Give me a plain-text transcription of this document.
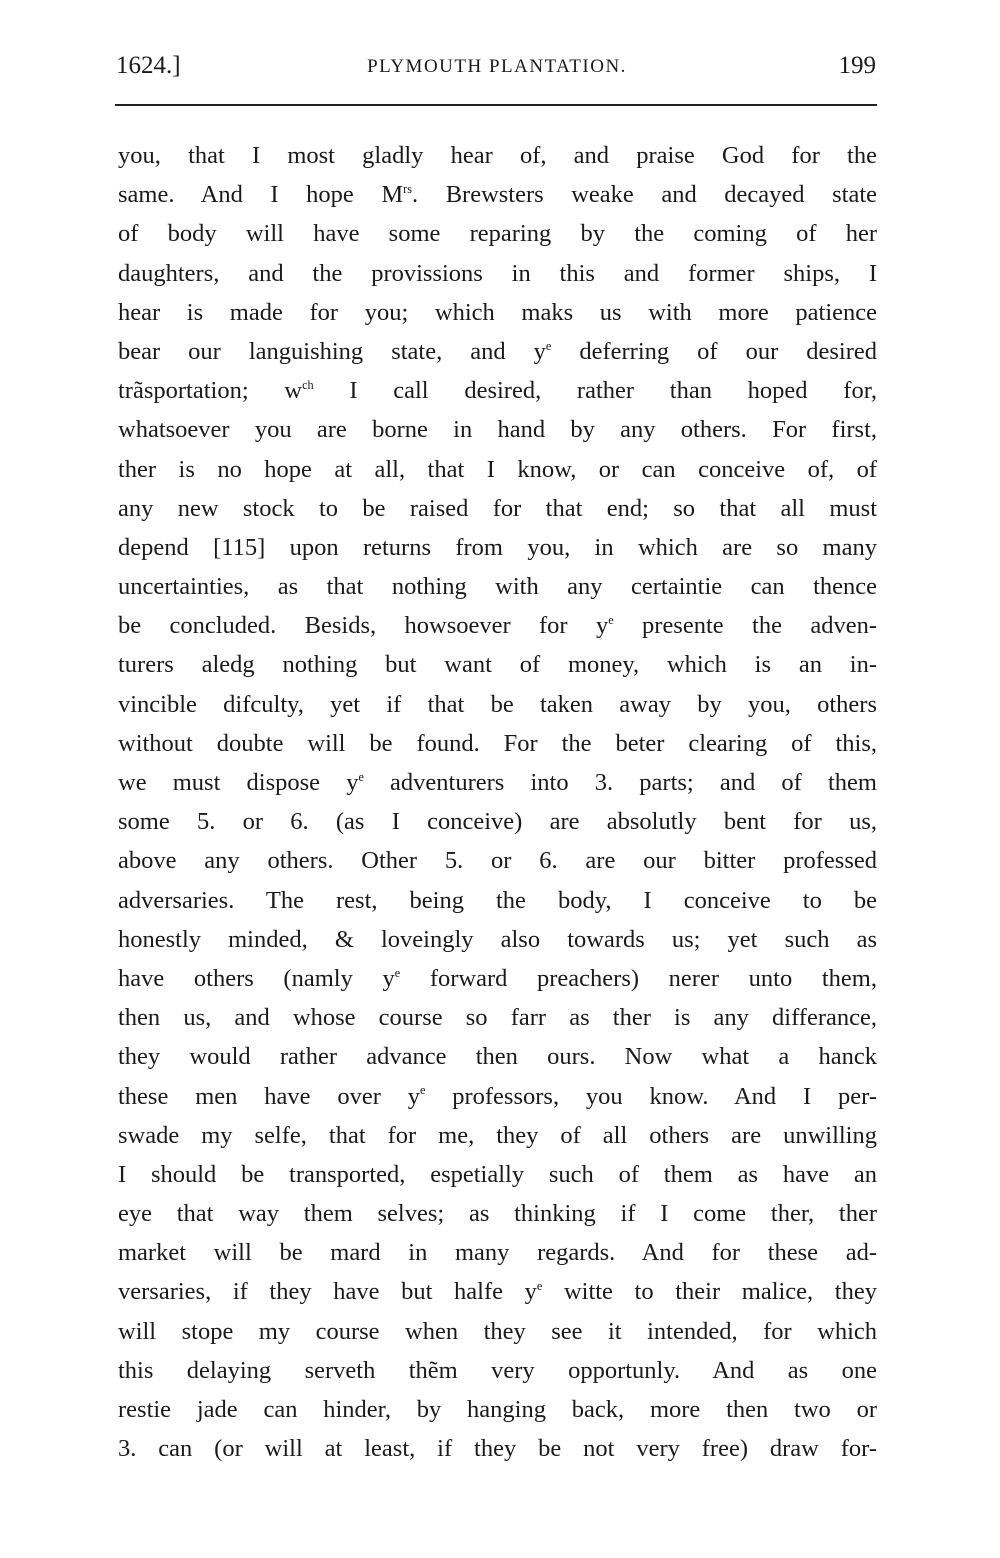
1624.]	PLYMOUTH PLANTATION.	199
you, that I most gladly hear of, and praise God for the
same. And I hope $M^{rs}$. Brewsters weake and decayed state
of body will have some reparing by the coming of her
daughters, and the provissions in this and former ships, I
hear is made for you; which maks us with more patience
bear our languishing state, and $y^e$ deferring of our desired
trãsportation; $w^{ch}$ I call desired, rather than hoped for,
whatsoever you are borne in hand by any others. For first,
ther is no hope at all, that I know, or can conceive of, of
any new stock to be raised for that end; so that all must
depend [115] upon returns from you, in which are so many
uncertainties, as that nothing with any certaintie can thence
be concluded. Besids, howsoever for $y^e$ presente the adven-
turers aledg nothing but want of money, which is an in-
vincible difculty, yet if that be taken away by you, others
without doubte will be found. For the beter clearing of this,
we must dispose $y^e$ adventurers into 3. parts; and of them
some 5. or 6. (as I conceive) are absolutly bent for us,
above any others. Other 5. or 6. are our bitter professed
adversaries. The rest, being the body, I conceive to be
honestly minded, & loveingly also towards us; yet such as
have others (namly $y^e$ forward preachers) nerer unto them,
then us, and whose course so farr as ther is any differance,
they would rather advance then ours. Now what a hanck
these men have over $y^e$ professors, you know. And I per-
swade my selfe, that for me, they of all others are unwilling
I should be transported, espetially such of them as have an
eye that way them selves; as thinking if I come ther, ther
market will be mard in many regards. And for these ad-
versaries, if they have but halfe $y^e$ witte to their malice, they
will stope my course when they see it intended, for which
this delaying serveth thẽm very opportunly. And as one
restie jade can hinder, by hanging back, more then two or
3. can (or will at least, if they be not very free) draw for-
